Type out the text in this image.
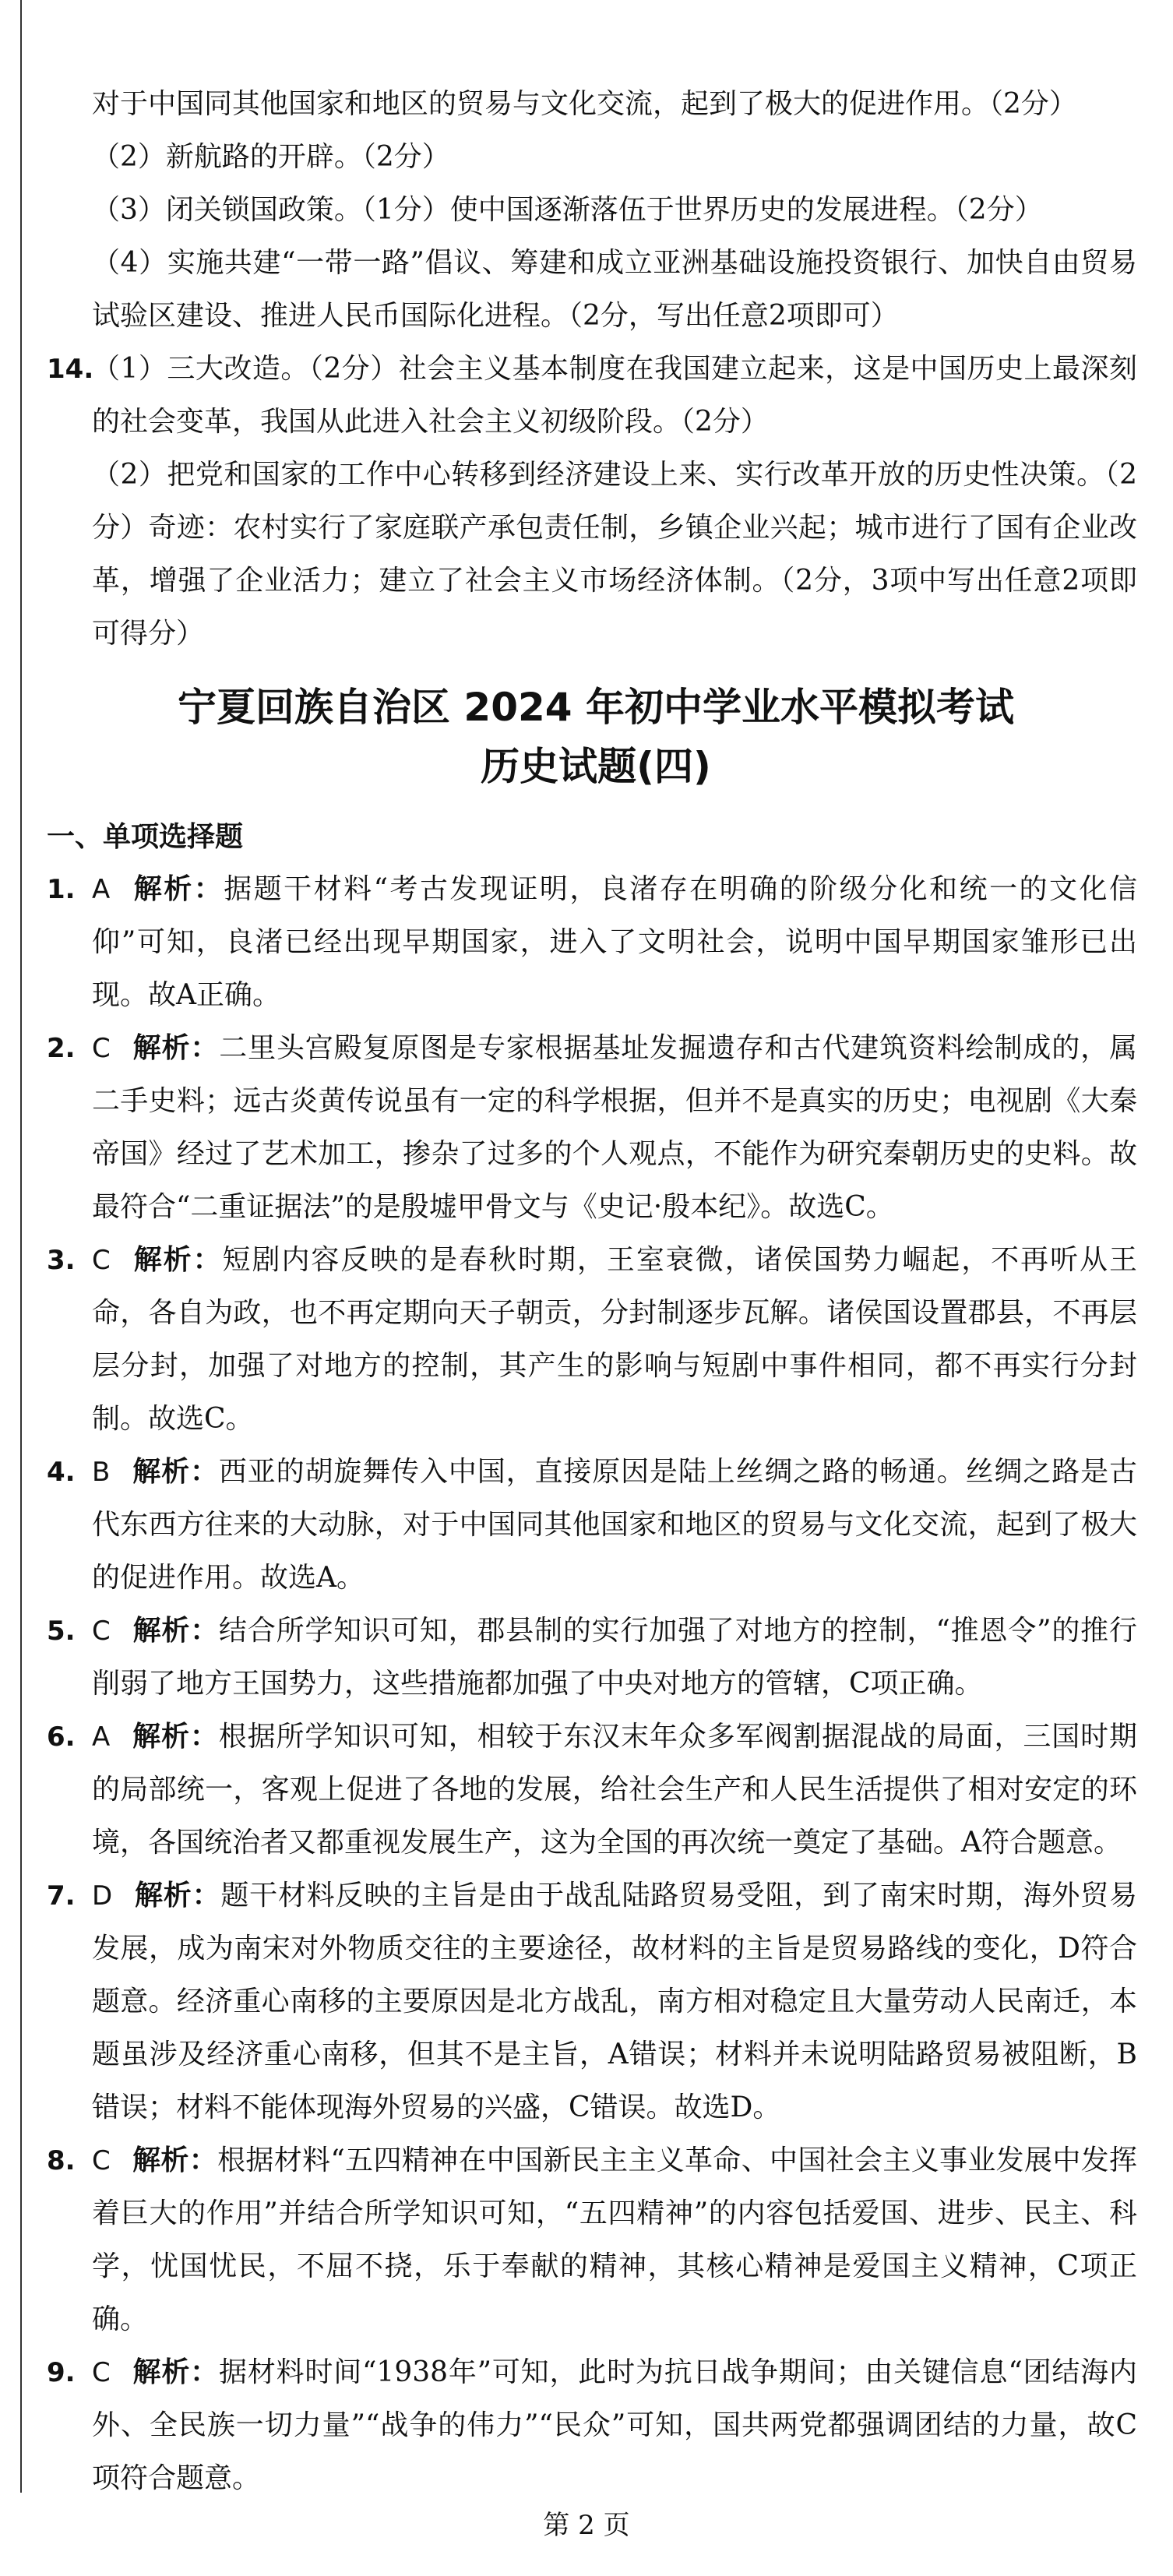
对于中国同其他国家和地区的贸易与文化交流，起到了极大的促进作用。（2分）

（2）新航路的开辟。（2分）

（3）闭关锁国政策。（1分）使中国逐渐落伍于世界历史的发展进程。（2分）

（4）实施共建“一带一路”倡议、筹建和成立亚洲基础设施投资银行、加快自由贸易试验区建设、推进人民币国际化进程。（2分，写出任意2项即可）

14.
（1）三大改造。（2分）社会主义基本制度在我国建立起来，这是中国历史上最深刻的社会变革，我国从此进入社会主义初级阶段。（2分）

（2）把党和国家的工作中心转移到经济建设上来、实行改革开放的历史性决策。（2分）奇迹：农村实行了家庭联产承包责任制，乡镇企业兴起；城市进行了国有企业改革，增强了企业活力；建立了社会主义市场经济体制。（2分，3项中写出任意2项即可得分）

宁夏回族自治区 2024 年初中学业水平模拟考试
历史试题(四)
一、单项选择题
1. A 解析：据题干材料“考古发现证明，良渚存在明确的阶级分化和统一的文化信仰”可知，良渚已经出现早期国家，进入了文明社会，说明中国早期国家雏形已出现。故A正确。
2. C 解析：二里头宫殿复原图是专家根据基址发掘遗存和古代建筑资料绘制成的，属二手史料；远古炎黄传说虽有一定的科学根据，但并不是真实的历史；电视剧《大秦帝国》经过了艺术加工，掺杂了过多的个人观点，不能作为研究秦朝历史的史料。故最符合“二重证据法”的是殷墟甲骨文与《史记·殷本纪》。故选C。
3. C 解析：短剧内容反映的是春秋时期，王室衰微，诸侯国势力崛起，不再听从王命，各自为政，也不再定期向天子朝贡，分封制逐步瓦解。诸侯国设置郡县，不再层层分封，加强了对地方的控制，其产生的影响与短剧中事件相同，都不再实行分封制。故选C。
4. B 解析：西亚的胡旋舞传入中国，直接原因是陆上丝绸之路的畅通。丝绸之路是古代东西方往来的大动脉，对于中国同其他国家和地区的贸易与文化交流，起到了极大的促进作用。故选A。
5. C 解析：结合所学知识可知，郡县制的实行加强了对地方的控制，“推恩令”的推行削弱了地方王国势力，这些措施都加强了中央对地方的管辖，C项正确。
6. A 解析：根据所学知识可知，相较于东汉末年众多军阀割据混战的局面，三国时期的局部统一，客观上促进了各地的发展，给社会生产和人民生活提供了相对安定的环境，各国统治者又都重视发展生产，这为全国的再次统一奠定了基础。A符合题意。
7. D 解析：题干材料反映的主旨是由于战乱陆路贸易受阻，到了南宋时期，海外贸易发展，成为南宋对外物质交往的主要途径，故材料的主旨是贸易路线的变化，D符合题意。经济重心南移的主要原因是北方战乱，南方相对稳定且大量劳动人民南迁，本题虽涉及经济重心南移，但其不是主旨，A错误；材料并未说明陆路贸易被阻断，B错误；材料不能体现海外贸易的兴盛，C错误。故选D。
8. C 解析：根据材料“五四精神在中国新民主主义革命、中国社会主义事业发展中发挥着巨大的作用”并结合所学知识可知，“五四精神”的内容包括爱国、进步、民主、科学，忧国忧民，不屈不挠，乐于奉献的精神，其核心精神是爱国主义精神，C项正确。
9. C 解析：据材料时间“1938年”可知，此时为抗日战争期间；由关键信息“团结海内外、全民族一切力量”“战争的伟力”“民众”可知，国共两党都强调团结的力量，故C项符合题意。
第 2 页
